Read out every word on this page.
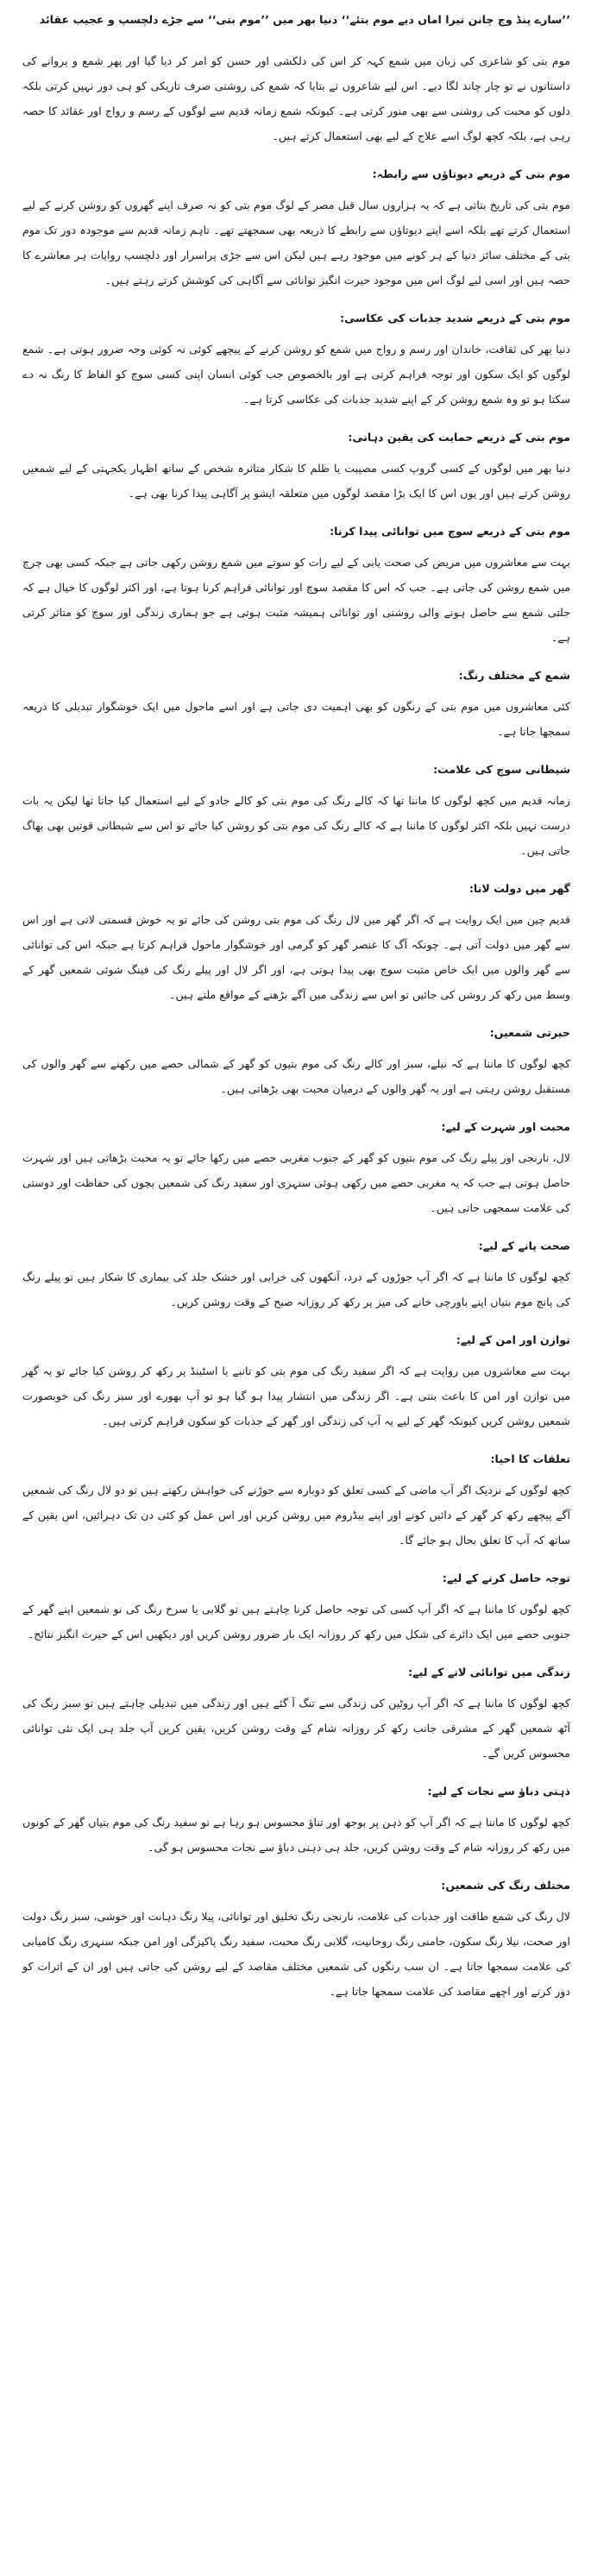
’’سارے پنڈ وچ چانن تیرا اماں دیے موم بتئے‘‘ دنیا بھر میں ’’موم بتی‘‘ سے جڑے دلچسپ و عجیب عقائد

موم بتی کو شاعری کی زبان میں شمع کہہ کر اس کی دلکشی اور حسن کو امر کر دیا گیا اور پھر شمع و پروانے کی داستانوں نے تو چار چاند لگا دیے۔ اس لیے شاعروں نے بتایا کہ شمع کی روشنی صرف تاریکی کو ہی دور نہیں کرتی بلکہ دلوں کو محبت کی روشنی سے بھی منور کرتی ہے۔ کیونکہ شمع زمانہ قدیم سے لوگوں کے رسم و رواج اور عقائد کا حصہ رہی ہے، بلکہ کچھ لوگ اسے علاج کے لیے بھی استعمال کرتے ہیں۔

موم بتی کے ذریعے دیوتاؤں سے رابطہ:

موم بتی کی تاریخ بتاتی ہے کہ یہ ہزاروں سال قبل مصر کے لوگ موم بتی کو نہ صرف اپنے گھروں کو روشن کرنے کے لیے استعمال کرتے تھے بلکہ اسے اپنے دیوتاؤں سے رابطے کا ذریعہ بھی سمجھتے تھے۔ تاہم زمانہ قدیم سے موجودہ دور تک موم بتی کے مختلف سائز دنیا کے ہر کونے میں موجود رہے ہیں لیکن اس سے جڑی پراسرار اور دلچسپ روایات ہر معاشرے کا حصہ ہیں اور اسی لیے لوگ اس میں موجود حیرت انگیز توانائی سے آگاہی کی کوشش کرتے رہتے ہیں۔

موم بتی کے ذریعے شدید جذبات کی عکاسی:

دنیا بھر کی ثقافت، خاندان اور رسم و رواج میں شمع کو روشن کرنے کے پیچھے کوئی نہ کوئی وجہ ضرور ہوتی ہے۔ شمع لوگوں کو ایک سکون اور توجہ فراہم کرتی ہے اور بالخصوص جب کوئی انسان اپنی کسی سوچ کو الفاظ کا رنگ نہ دے سکتا ہو تو وہ شمع روشن کر کے اپنے شدید جذبات کی عکاسی کرتا ہے۔

موم بتی کے ذریعے حمایت کی یقین دہانی:

دنیا بھر میں لوگوں کے کسی گروپ کسی مصیبت یا ظلم کا شکار متاثرہ شخص کے ساتھ اظہار یکجہتی کے لیے شمعیں روشن کرتے ہیں اور یوں اس کا ایک بڑا مقصد لوگوں میں متعلقہ ایشو پر آگاہی پیدا کرنا بھی ہے۔

موم بتی کے ذریعے سوچ میں توانائی پیدا کرنا:

بہت سے معاشروں میں مریض کی صحت یابی کے لیے رات کو سوتے میں شمع روشن رکھی جاتی ہے جبکہ کسی بھی چرچ میں شمع روشن کی جاتی ہے۔ جب کہ اس کا مقصد سوچ اور توانائی فراہم کرنا ہوتا ہے، اور اکثر لوگوں کا خیال ہے کہ جلتی شمع سے حاصل ہونے والی روشنی اور توانائی ہمیشہ مثبت ہوتی ہے جو ہماری زندگی اور سوچ کو متاثر کرتی ہے۔

شمع کے مختلف رنگ:

کئی معاشروں میں موم بتی کے رنگوں کو بھی اہمیت دی جاتی ہے اور اسے ماحول میں ایک خوشگوار تبدیلی کا ذریعہ سمجھا جاتا ہے۔

شیطانی سوچ کی علامت:

زمانہ قدیم میں کچھ لوگوں کا ماننا تھا کہ کالے رنگ کی موم بتی کو کالے جادو کے لیے استعمال کیا جاتا تھا لیکن یہ بات درست نہیں بلکہ اکثر لوگوں کا ماننا ہے کہ کالے رنگ کی موم بتی کو روشن کیا جائے تو اس سے شیطانی قوتیں بھی بھاگ جاتی ہیں۔

گھر میں دولت لانا:

قدیم چین میں ایک روایت ہے کہ اگر گھر میں لال رنگ کی موم بتی روشن کی جائے تو یہ خوش قسمتی لاتی ہے اور اس سے گھر میں دولت آتی ہے۔ چونکہ آگ کا عنصر گھر کو گرمی اور خوشگوار ماحول فراہم کرتا ہے جبکہ اس کی توانائی سے گھر والوں میں ایک خاص مثبت سوچ بھی پیدا ہوتی ہے، اور اگر لال اور پیلے رنگ کی فینگ شوئی شمعیں گھر کے وسط میں رکھ کر روشن کی جائیں تو اس سے زندگی میں آگے بڑھنے کے مواقع ملتے ہیں۔

حیرتی شمعیں:

کچھ لوگوں کا ماننا ہے کہ نیلے، سبز اور کالے رنگ کی موم بتیوں کو گھر کے شمالی حصے میں رکھنے سے گھر والوں کی مستقبل روشن رہتی ہے اور یہ گھر والوں کے درمیان محبت بھی بڑھاتی ہیں۔

محبت اور شہرت کے لیے:

لال، نارنجی اور پیلے رنگ کی موم بتیوں کو گھر کے جنوب مغربی حصے میں رکھا جائے تو یہ محبت بڑھاتی ہیں اور شہرت حاصل ہوتی ہے جب کہ یہ مغربی حصے میں رکھی ہوئی سنہری اور سفید رنگ کی شمعیں بچوں کی حفاظت اور دوستی کی علامت سمجھی جاتی ہیں۔

صحت پانے کے لیے:

کچھ لوگوں کا ماننا ہے کہ اگر آپ جوڑوں کے درد، آنکھوں کی خرابی اور خشک جلد کی بیماری کا شکار ہیں تو پیلے رنگ کی پانچ موم بتیاں اپنے باورچی خانے کی میز پر رکھ کر روزانہ صبح کے وقت روشن کریں۔

توازن اور امن کے لیے:

بہت سے معاشروں میں روایت ہے کہ اگر سفید رنگ کی موم بتی کو تانبے یا اسٹینڈ پر رکھ کر روشن کیا جائے تو یہ گھر میں توازن اور امن کا باعث بنتی ہے۔ اگر زندگی میں انتشار پیدا ہو گیا ہو تو آپ بھورے اور سبز رنگ کی خوبصورت شمعیں روشن کریں کیونکہ گھر کے لیے یہ آپ کی زندگی اور گھر کے جذبات کو سکون فراہم کرتی ہیں۔

تعلقات کا احیا:

کچھ لوگوں کے نزدیک اگر آپ ماضی کے کسی تعلق کو دوبارہ سے جوڑنے کی خواہش رکھتے ہیں تو دو لال رنگ کی شمعیں آگے پیچھے رکھ کر گھر کے دائیں کونے اور اپنے بیڈروم میں روشن کریں اور اس عمل کو کئی دن تک دہرائیں، اس یقین کے ساتھ کہ آپ کا تعلق بحال ہو جائے گا۔

توجہ حاصل کرنے کے لیے:

کچھ لوگوں کا ماننا ہے کہ اگر آپ کسی کی توجہ حاصل کرنا چاہتے ہیں تو گلابی یا سرخ رنگ کی نو شمعیں اپنے گھر کے جنوبی حصے میں ایک دائرے کی شکل میں رکھ کر روزانہ ایک بار ضرور روشن کریں اور دیکھیں اس کے حیرت انگیز نتائج۔

زندگی میں توانائی لانے کے لیے:

کچھ لوگوں کا ماننا ہے کہ اگر آپ روٹین کی زندگی سے تنگ آ گئے ہیں اور زندگی میں تبدیلی چاہتے ہیں تو سبز رنگ کی آٹھ شمعیں گھر کے مشرقی جانب رکھ کر روزانہ شام کے وقت روشن کریں، یقین کریں آپ جلد ہی ایک نئی توانائی محسوس کریں گے۔

ذہنی دباؤ سے نجات کے لیے:

کچھ لوگوں کا ماننا ہے کہ اگر آپ کو ذہن پر بوجھ اور تناؤ محسوس ہو رہا ہے تو سفید رنگ کی موم بتیاں گھر کے کونوں میں رکھ کر روزانہ شام کے وقت روشن کریں، جلد ہی ذہنی دباؤ سے نجات محسوس ہو گی۔

مختلف رنگ کی شمعیں:

لال رنگ کی شمع طاقت اور جذبات کی علامت، نارنجی رنگ تخلیق اور توانائی، پیلا رنگ ذہانت اور خوشی، سبز رنگ دولت اور صحت، نیلا رنگ سکون، جامنی رنگ روحانیت، گلابی رنگ محبت، سفید رنگ پاکیزگی اور امن جبکہ سنہری رنگ کامیابی کی علامت سمجھا جاتا ہے۔ ان سب رنگوں کی شمعیں مختلف مقاصد کے لیے روشن کی جاتی ہیں اور ان کے اثرات کو دور کرنے اور اچھے مقاصد کی علامت سمجھا جاتا ہے۔
